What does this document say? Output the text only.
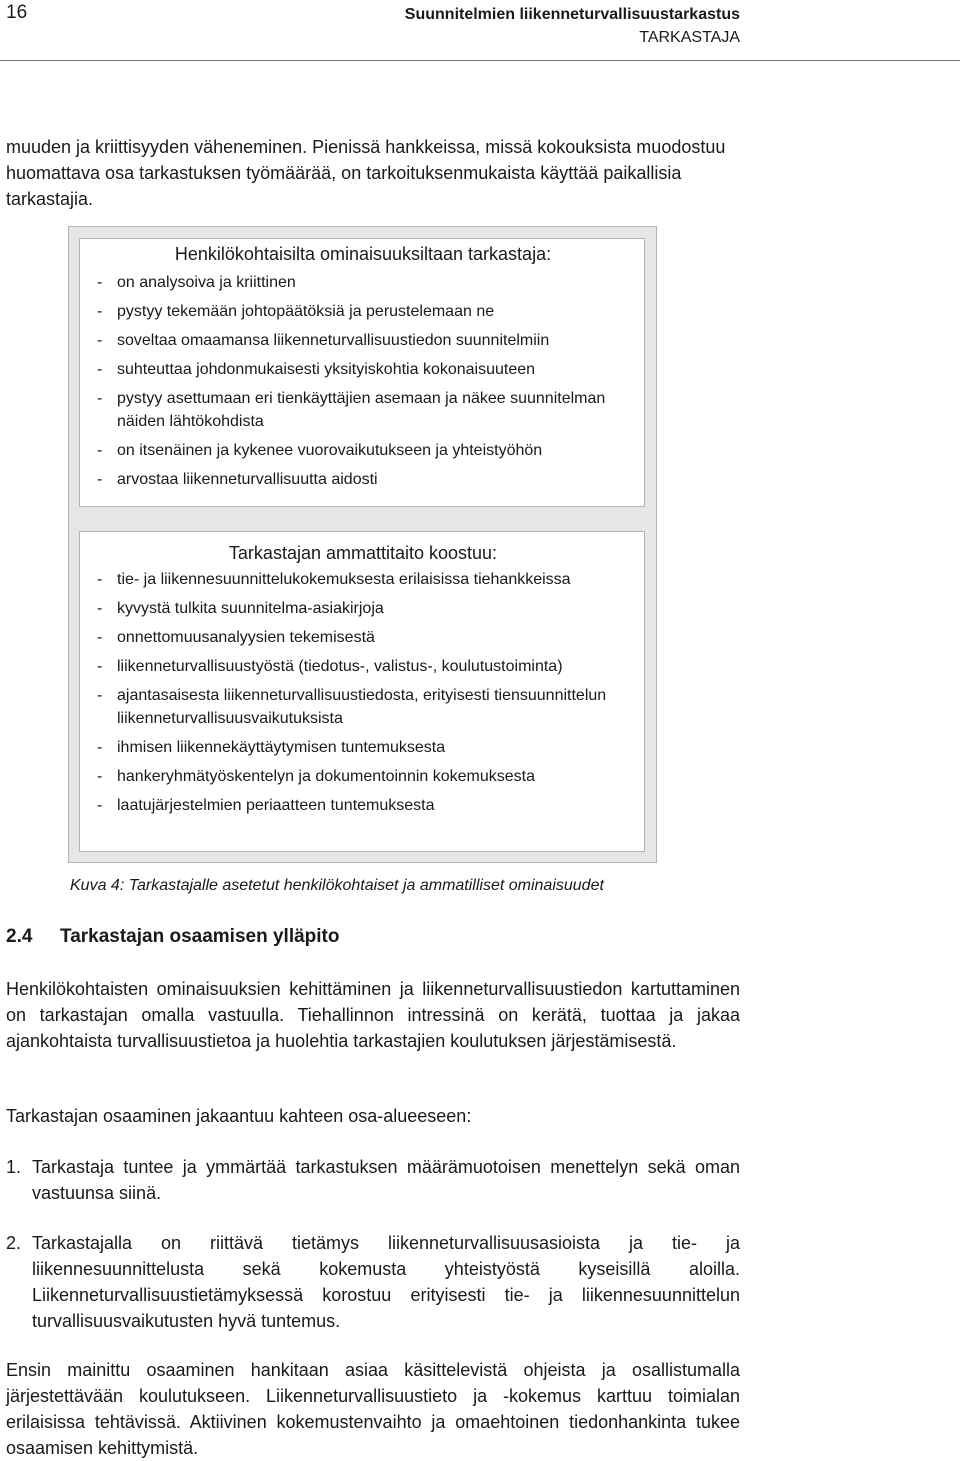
16	Suunnitelmien liikenneturvallisuustarkastus
TARKASTAJA

muuden ja kriittisyyden väheneminen. Pienissä hankkeissa, missä kokouksista muodostuu huomattava osa tarkastuksen työmäärää, on tarkoituksenmukaista käyttää paikallisia tarkastajia.

Henkilökohtaisilta ominaisuuksiltaan tarkastaja:

- on analysoiva ja kriittinen
- pystyy tekemään johtopäätöksiä ja perustelemaan ne
- soveltaa omaamansa liikenneturvallisuustiedon suunnitelmiin
- suhteuttaa johdonmukaisesti yksityiskohtia kokonaisuuteen
- pystyy asettumaan eri tienkäyttäjien asemaan ja näkee suunnitelman näiden lähtökohdista
- on itsenäinen ja kykenee vuorovaikutukseen ja yhteistyöhön
- arvostaa liikenneturvallisuutta aidosti

Tarkastajan ammattitaito koostuu:

- tie- ja liikennesuunnittelukokemuksesta erilaisissa tiehankkeissa
- kyvystä tulkita suunnitelma-asiakirjoja
- onnettomuusanalyysien tekemisestä
- liikenneturvallisuustyöstä (tiedotus-, valistus-, koulutustoiminta)
- ajantasaisesta liikenneturvallisuustiedosta, erityisesti tiensuunnittelun liikenneturvallisuusvaikutuksista
- ihmisen liikennekäyttäytymisen tuntemuksesta
- hankeryhmätyöskentelyn ja dokumentoinnin kokemuksesta
- laatujärjestelmien periaatteen tuntemuksesta

Kuva 4: Tarkastajalle asetetut henkilökohtaiset ja ammatilliset ominaisuudet

2.4 Tarkastajan osaamisen ylläpito

Henkilökohtaisten ominaisuuksien kehittäminen ja liikenneturvallisuustiedon kartuttaminen on tarkastajan omalla vastuulla. Tiehallinnon intressinä on kerätä, tuottaa ja jakaa ajankohtaista turvallisuustietoa ja huolehtia tarkastajien koulutuksen järjestämisestä.

Tarkastajan osaaminen jakaantuu kahteen osa-alueeseen:

1. Tarkastaja tuntee ja ymmärtää tarkastuksen määrämuotoisen menettelyn sekä oman vastuunsa siinä.

2. Tarkastajalla on riittävä tietämys liikenneturvallisuusasioista ja tie- ja liikennesuunnittelusta sekä kokemusta yhteistyöstä kyseisillä aloilla. Liikenneturvallisuustietämyksessä korostuu erityisesti tie- ja liikennesuunnittelun turvallisuusvaikutusten hyvä tuntemus.

Ensin mainittu osaaminen hankitaan asiaa käsittelevistä ohjeista ja osallistumalla järjestettävään koulutukseen. Liikenneturvallisuustieto ja -kokemus karttuu toimialan erilaisissa tehtävissä. Aktiivinen kokemustenvaihto ja omaehtoinen tiedonhankinta tukee osaamisen kehittymistä.
